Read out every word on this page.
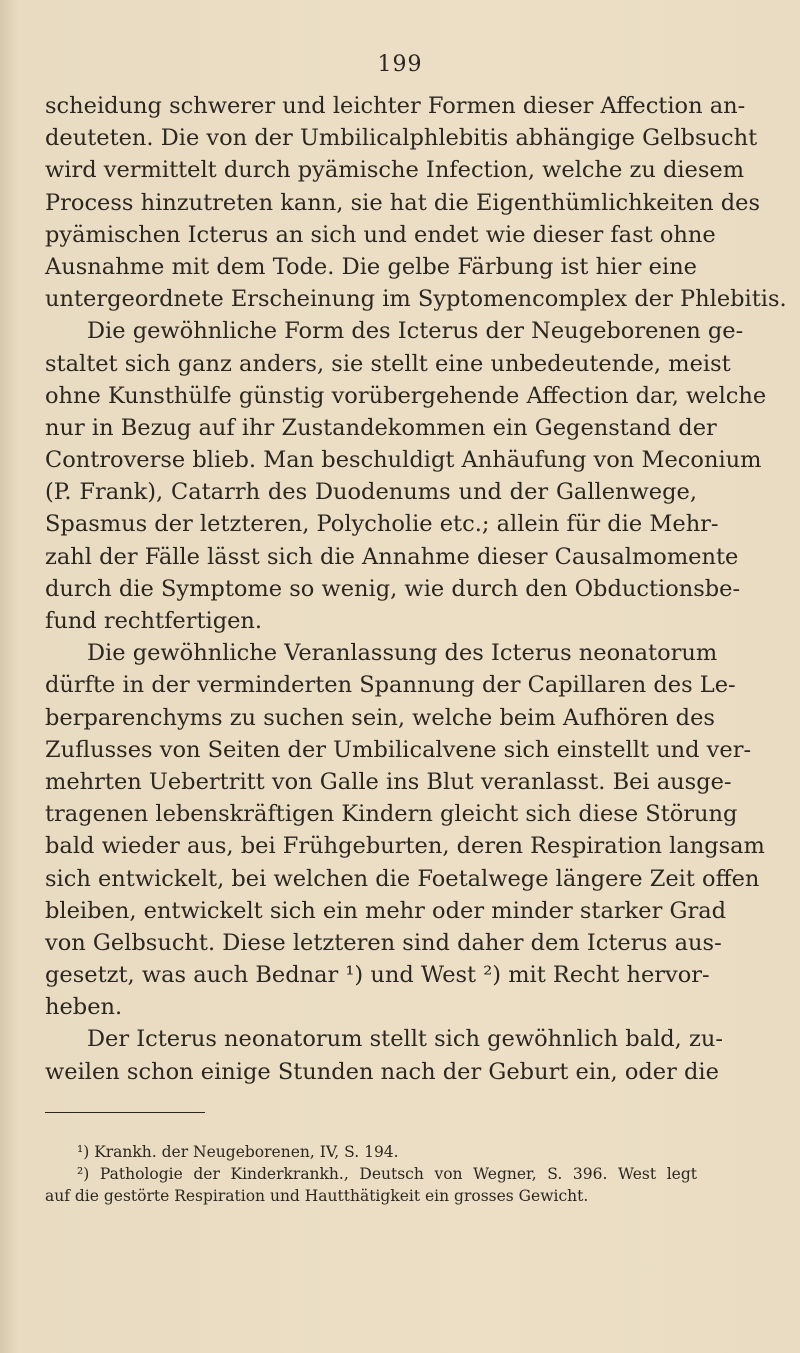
199
scheidung schwerer und leichter Formen dieser Affection an-
deuteten. Die von der Umbilicalphlebitis abhängige Gelbsucht
wird vermittelt durch pyämische Infection, welche zu diesem
Process hinzutreten kann, sie hat die Eigenthümlichkeiten des
pyämischen Icterus an sich und endet wie dieser fast ohne
Ausnahme mit dem Tode. Die gelbe Färbung ist hier eine
untergeordnete Erscheinung im Syptomencomplex der Phlebitis.
Die gewöhnliche Form des Icterus der Neugeborenen ge-
staltet sich ganz anders, sie stellt eine unbedeutende, meist
ohne Kunsthülfe günstig vorübergehende Affection dar, welche
nur in Bezug auf ihr Zustandekommen ein Gegenstand der
Controverse blieb. Man beschuldigt Anhäufung von Meconium
(P. Frank), Catarrh des Duodenums und der Gallenwege,
Spasmus der letzteren, Polycholie etc.; allein für die Mehr-
zahl der Fälle lässt sich die Annahme dieser Causalmomente
durch die Symptome so wenig, wie durch den Obductionsbe-
fund rechtfertigen.
Die gewöhnliche Veranlassung des Icterus neonatorum
dürfte in der verminderten Spannung der Capillaren des Le-
berparenchyms zu suchen sein, welche beim Aufhören des
Zuflusses von Seiten der Umbilicalvene sich einstellt und ver-
mehrten Uebertritt von Galle ins Blut veranlasst. Bei ausge-
tragenen lebenskräftigen Kindern gleicht sich diese Störung
bald wieder aus, bei Frühgeburten, deren Respiration langsam
sich entwickelt, bei welchen die Foetalwege längere Zeit offen
bleiben, entwickelt sich ein mehr oder minder starker Grad
von Gelbsucht. Diese letzteren sind daher dem Icterus aus-
gesetzt, was auch Bednar ¹) und West ²) mit Recht hervor-
heben.
Der Icterus neonatorum stellt sich gewöhnlich bald, zu-
weilen schon einige Stunden nach der Geburt ein, oder die
¹) Krankh. der Neugeborenen, IV, S. 194.
²) Pathologie der Kinderkrankh., Deutsch von Wegner, S. 396. West legt
auf die gestörte Respiration und Hautthätigkeit ein grosses Gewicht.
